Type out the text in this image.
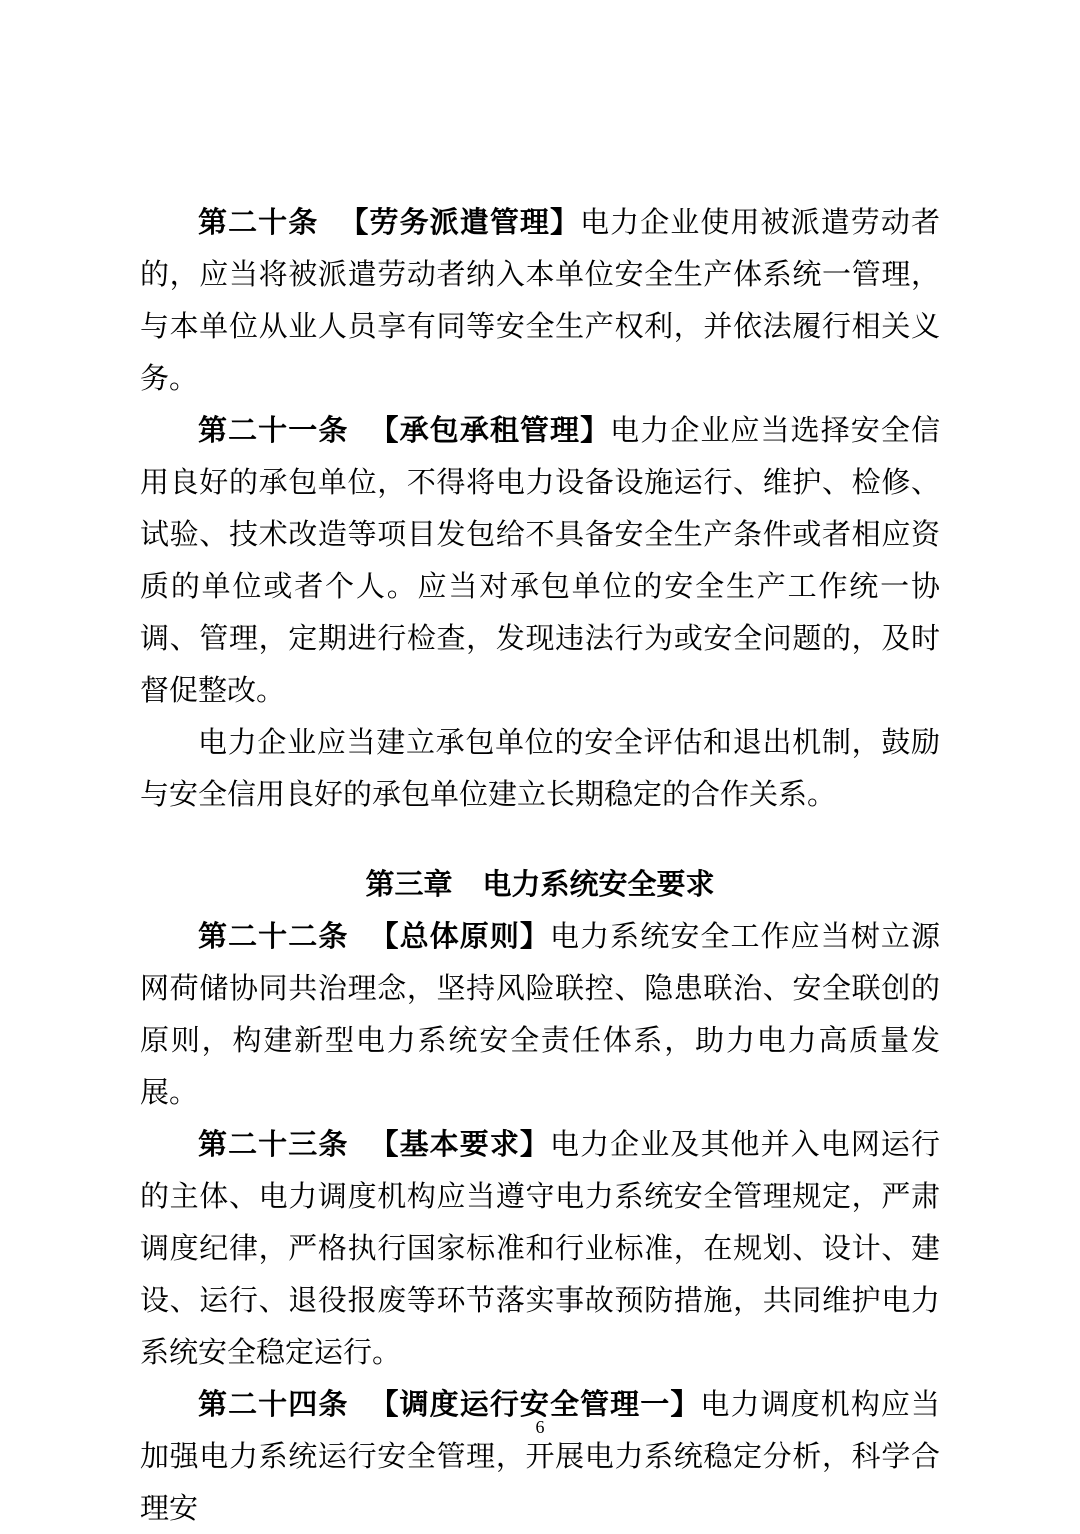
第二十条 【劳务派遣管理】电力企业使用被派遣劳动者的，应当将被派遣劳动者纳入本单位安全生产体系统一管理，与本单位从业人员享有同等安全生产权利，并依法履行相关义务。

第二十一条 【承包承租管理】电力企业应当选择安全信用良好的承包单位，不得将电力设备设施运行、维护、检修、试验、技术改造等项目发包给不具备安全生产条件或者相应资质的单位或者个人。应当对承包单位的安全生产工作统一协调、管理，定期进行检查，发现违法行为或安全问题的，及时督促整改。

电力企业应当建立承包单位的安全评估和退出机制，鼓励与安全信用良好的承包单位建立长期稳定的合作关系。

第三章 电力系统安全要求

第二十二条 【总体原则】电力系统安全工作应当树立源网荷储协同共治理念，坚持风险联控、隐患联治、安全联创的原则，构建新型电力系统安全责任体系，助力电力高质量发展。

第二十三条 【基本要求】电力企业及其他并入电网运行的主体、电力调度机构应当遵守电力系统安全管理规定，严肃调度纪律，严格执行国家标准和行业标准，在规划、设计、建设、运行、退役报废等环节落实事故预防措施，共同维护电力系统安全稳定运行。

第二十四条 【调度运行安全管理一】电力调度机构应当加强电力系统运行安全管理，开展电力系统稳定分析，科学合理安

6
